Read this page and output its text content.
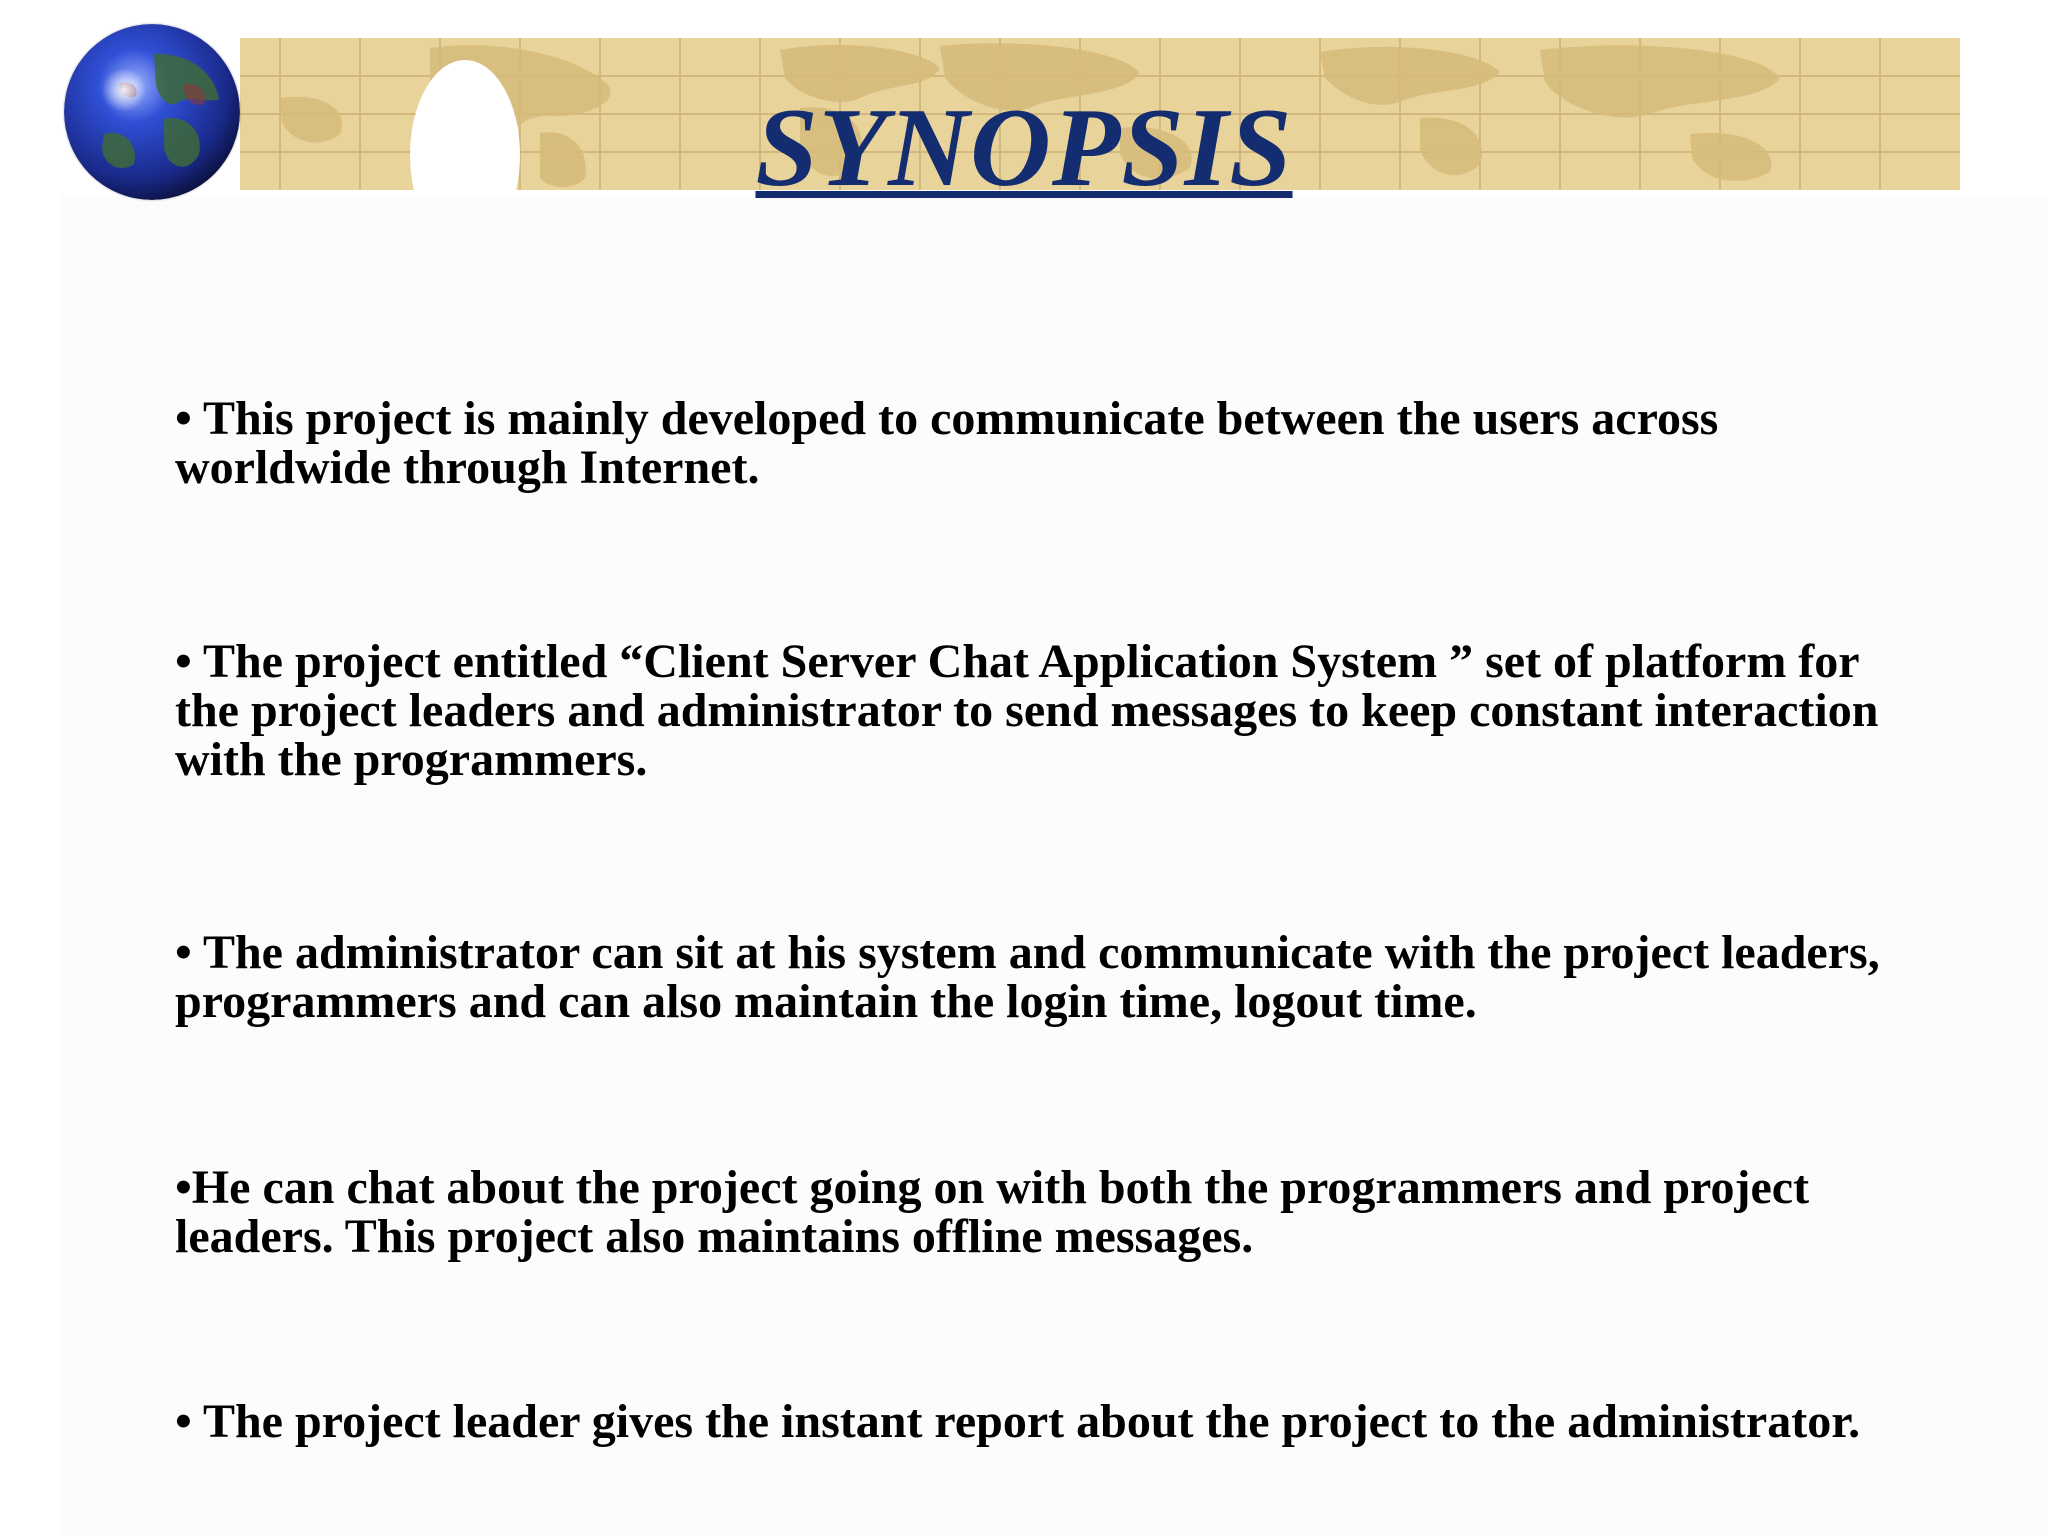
SYNOPSIS
• This project is mainly developed to communicate between the users across
worldwide through Internet.
• The project entitled “Client Server Chat Application System ” set of platform for
the project leaders and administrator to send messages to keep constant interaction
with the programmers.
• The administrator can sit at his system and communicate with the project leaders,
programmers and can also maintain the login time, logout time.
•He can chat about the project going on with both the programmers and project
leaders. This project also maintains offline messages.
• The project leader gives the instant report about the project to the administrator.
